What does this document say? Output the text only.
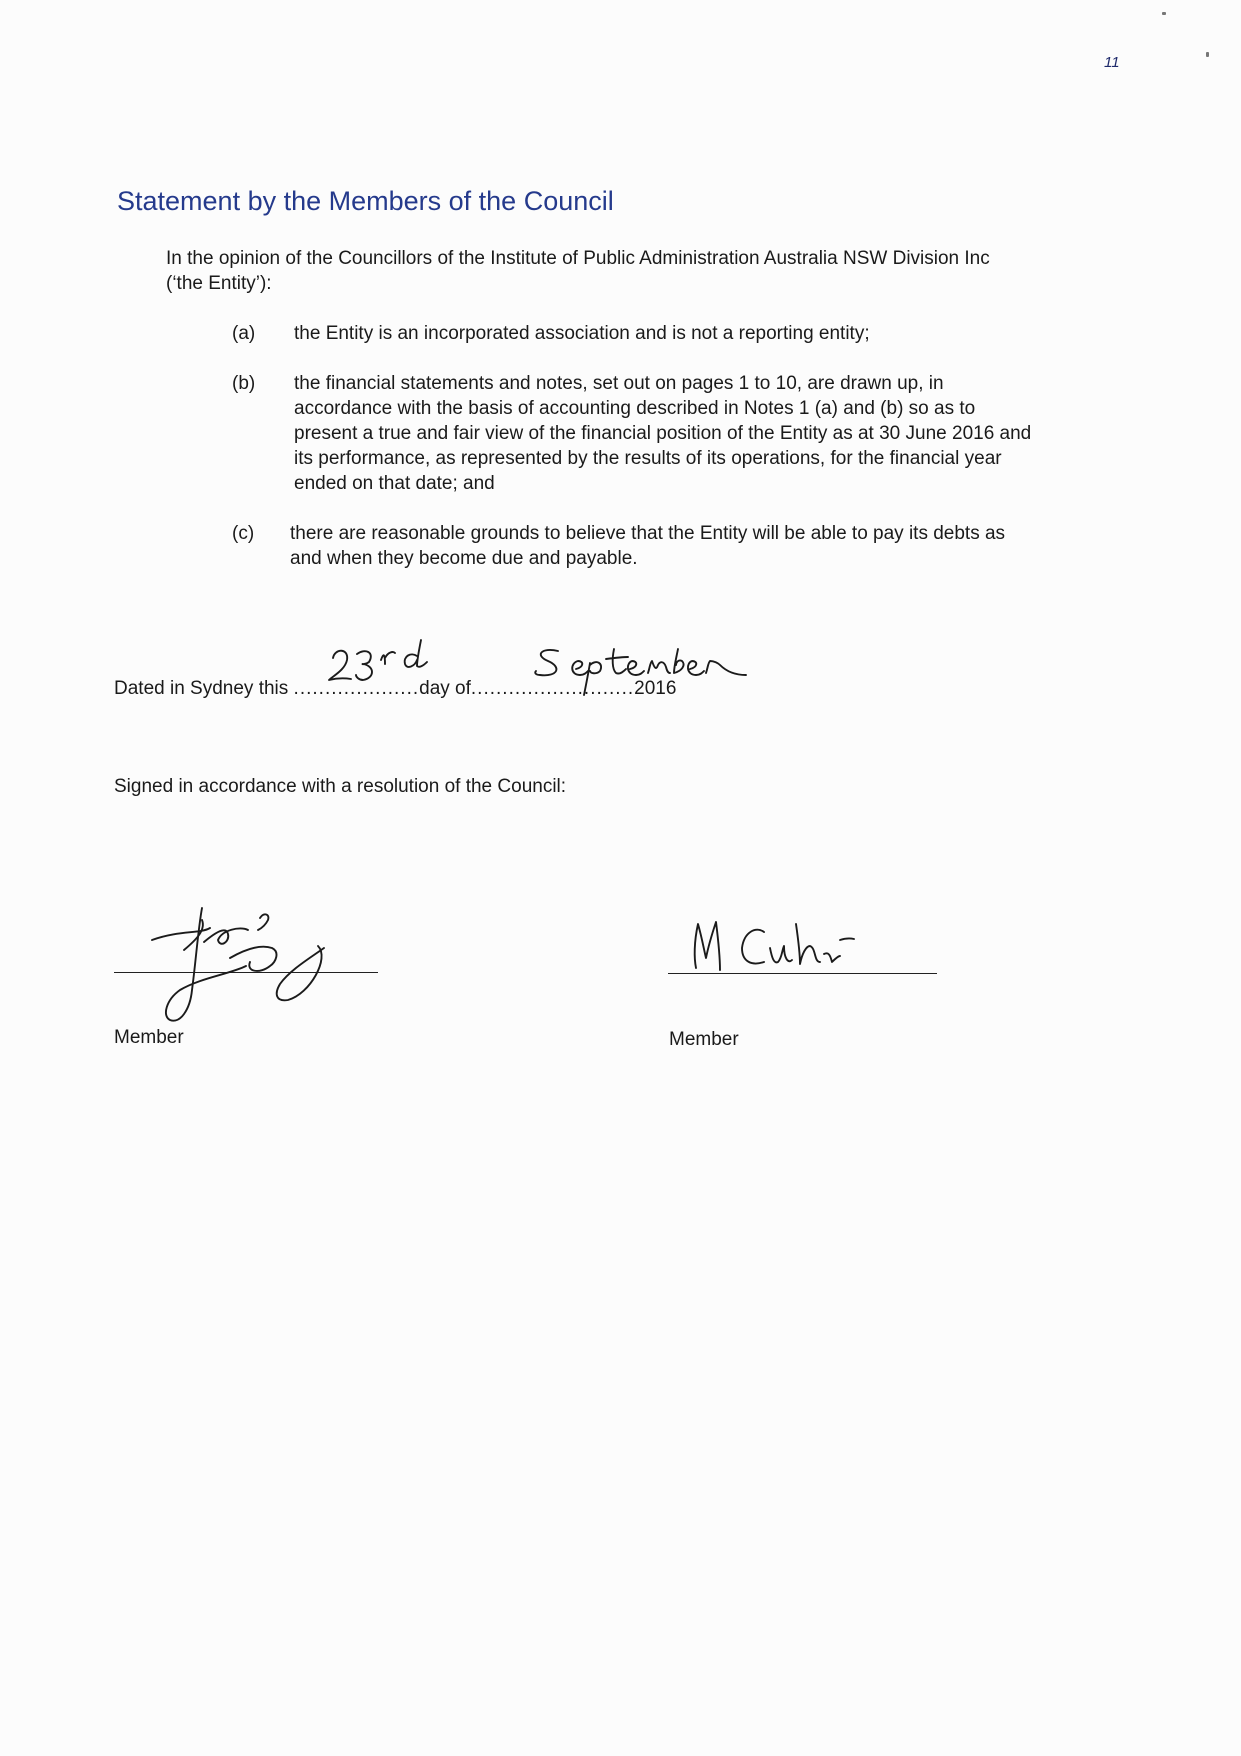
11
Statement by the Members of the Council
In the opinion of the Councillors of the Institute of Public Administration Australia NSW Division Inc (‘the Entity’):
(a) the Entity is an incorporated association and is not a reporting entity;
(b) the financial statements and notes, set out on pages 1 to 10, are drawn up, in accordance with the basis of accounting described in Notes 1 (a) and (b) so as to present a true and fair view of the financial position of the Entity as at 30 June 2016 and its performance, as represented by the results of its operations, for the financial year ended on that date; and
(c) there are reasonable grounds to believe that the Entity will be able to pay its debts as and when they become due and payable.
Dated in Sydney this ....................day of..........................2016
Signed in accordance with a resolution of the Council:
Member	Member
